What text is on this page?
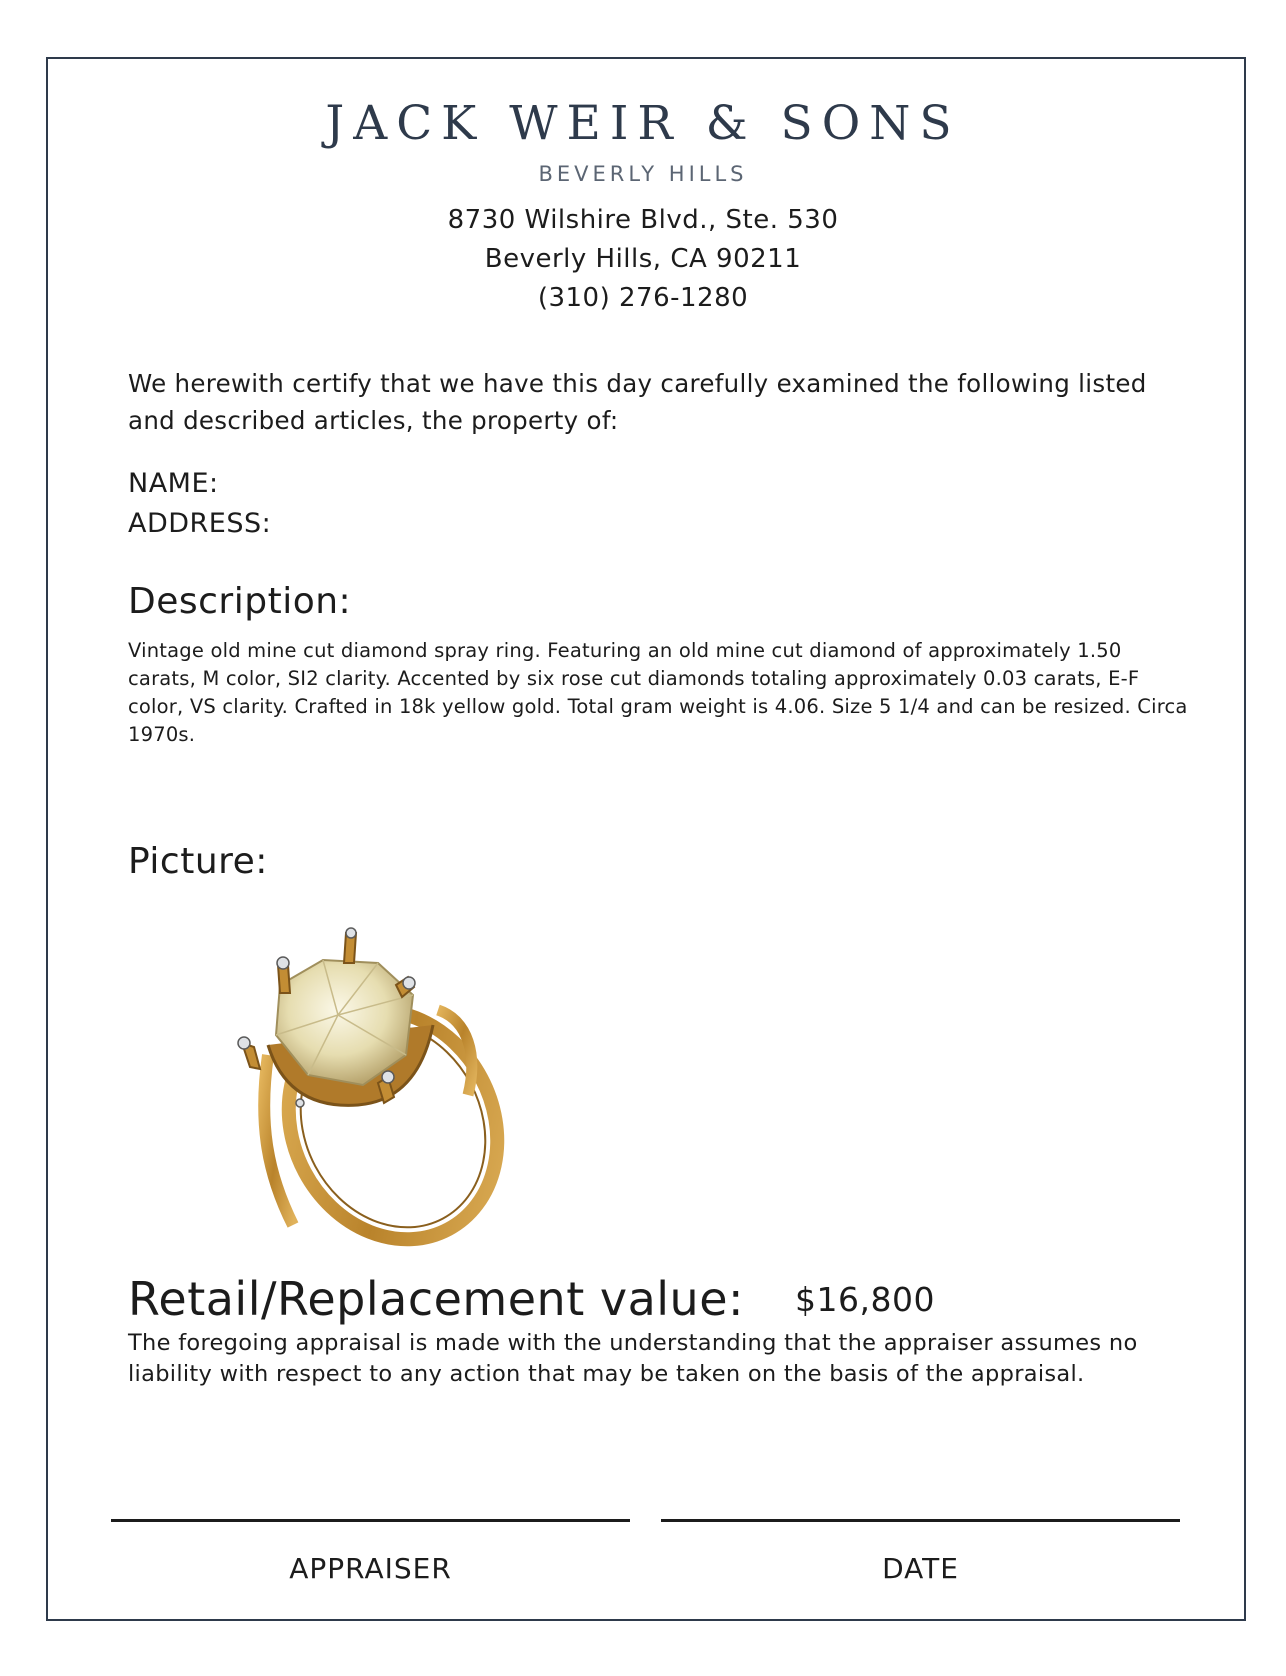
JACK WEIR & SONS
BEVERLY HILLS
8730 Wilshire Blvd., Ste. 530
Beverly Hills, CA 90211
(310) 276-1280
We herewith certify that we have this day carefully examined the following listed and described articles, the property of:
NAME:
ADDRESS:
Description:
Vintage old mine cut diamond spray ring. Featuring an old mine cut diamond of approximately 1.50 carats, M color, SI2 clarity. Accented by six rose cut diamonds totaling approximately 0.03 carats, E-F color, VS clarity. Crafted in 18k yellow gold. Total gram weight is 4.06. Size 5 1/4 and can be resized. Circa 1970s.
Picture:
Retail/Replacement value: $16,800
The foregoing appraisal is made with the understanding that the appraiser assumes no liability with respect to any action that may be taken on the basis of the appraisal.
APPRAISER	DATE
